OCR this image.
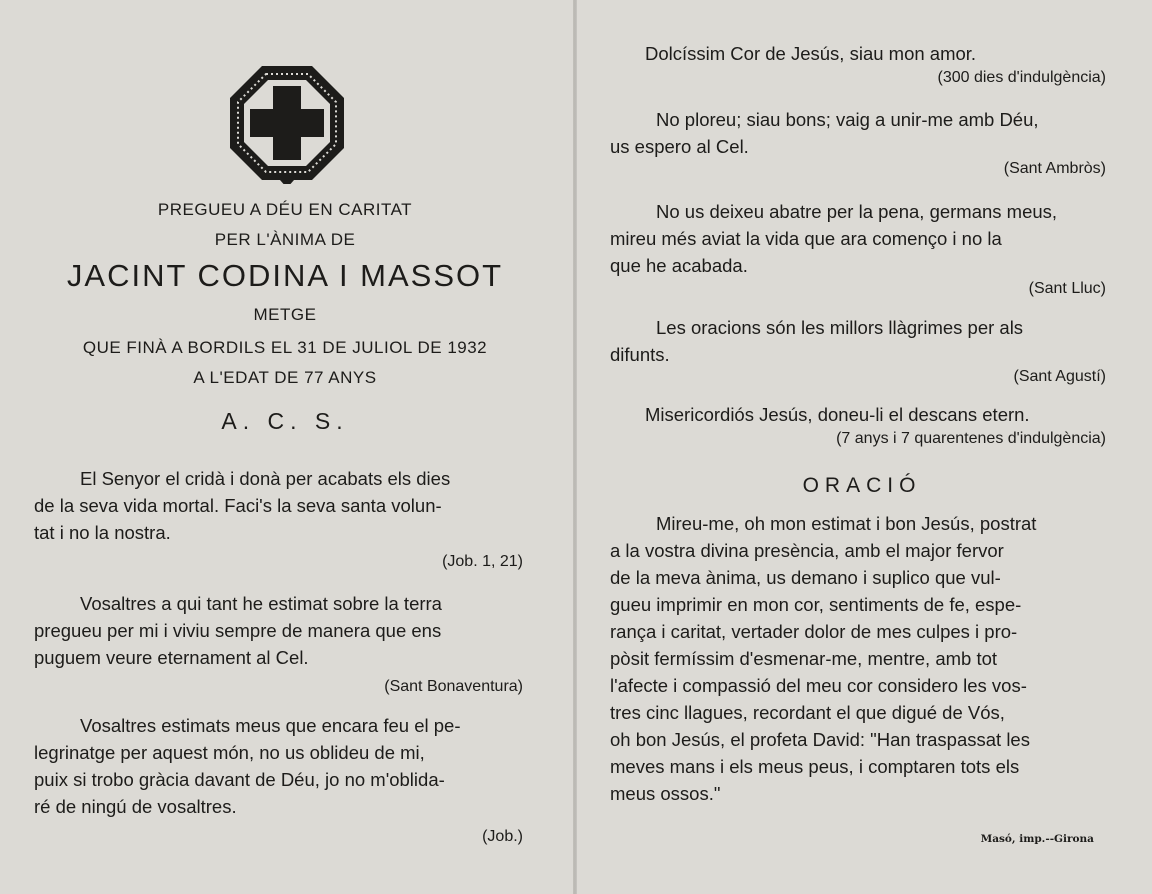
PREGUEU A DÉU EN CARITAT
PER L'ÀNIMA DE
JACINT CODINA I MASSOT
METGE
QUE FINÀ A BORDILS EL 31 DE JULIOL DE 1932
A L'EDAT DE 77 ANYS
A. C. S.

El Senyor el cridà i donà per acabats els dies
de la seva vida mortal. Faci's la seva santa volun-
tat i no la nostra.

(Job. 1, 21)

Vosaltres a qui tant he estimat sobre la terra
pregueu per mi i viviu sempre de manera que ens
puguem veure eternament al Cel.

(Sant Bonaventura)

Vosaltres estimats meus que encara feu el pe-
legrinatge per aquest món, no us oblideu de mi,
puix si trobo gràcia davant de Déu, jo no m'oblida-
ré de ningú de vosaltres.

(Job.)
Dolcíssim Cor de Jesús, siau mon amor.
(300 dies d'indulgència)

No ploreu; siau bons; vaig a unir-me amb Déu,
us espero al Cel.

(Sant Ambròs)

No us deixeu abatre per la pena, germans meus,
mireu més aviat la vida que ara començo i no la
que he acabada.

(Sant Lluc)

Les oracions són les millors llàgrimes per als
difunts.

(Sant Agustí)
Misericordiós Jesús, doneu-li el descans etern.
(7 anys i 7 quarentenes d'indulgència)
ORACIÓ

Mireu-me, oh mon estimat i bon Jesús, postrat
a la vostra divina presència, amb el major fervor
de la meva ànima, us demano i suplico que vul-
gueu imprimir en mon cor, sentiments de fe, espe-
rança i caritat, vertader dolor de mes culpes i pro-
pòsit fermíssim d'esmenar-me, mentre, amb tot
l'afecte i compassió del meu cor considero les vos-
tres cinc llagues, recordant el que digué de Vós,
oh bon Jesús, el profeta David: "Han traspassat les
meves mans i els meus peus, i comptaren tots els
meus ossos."

Masó, imp.--Girona
